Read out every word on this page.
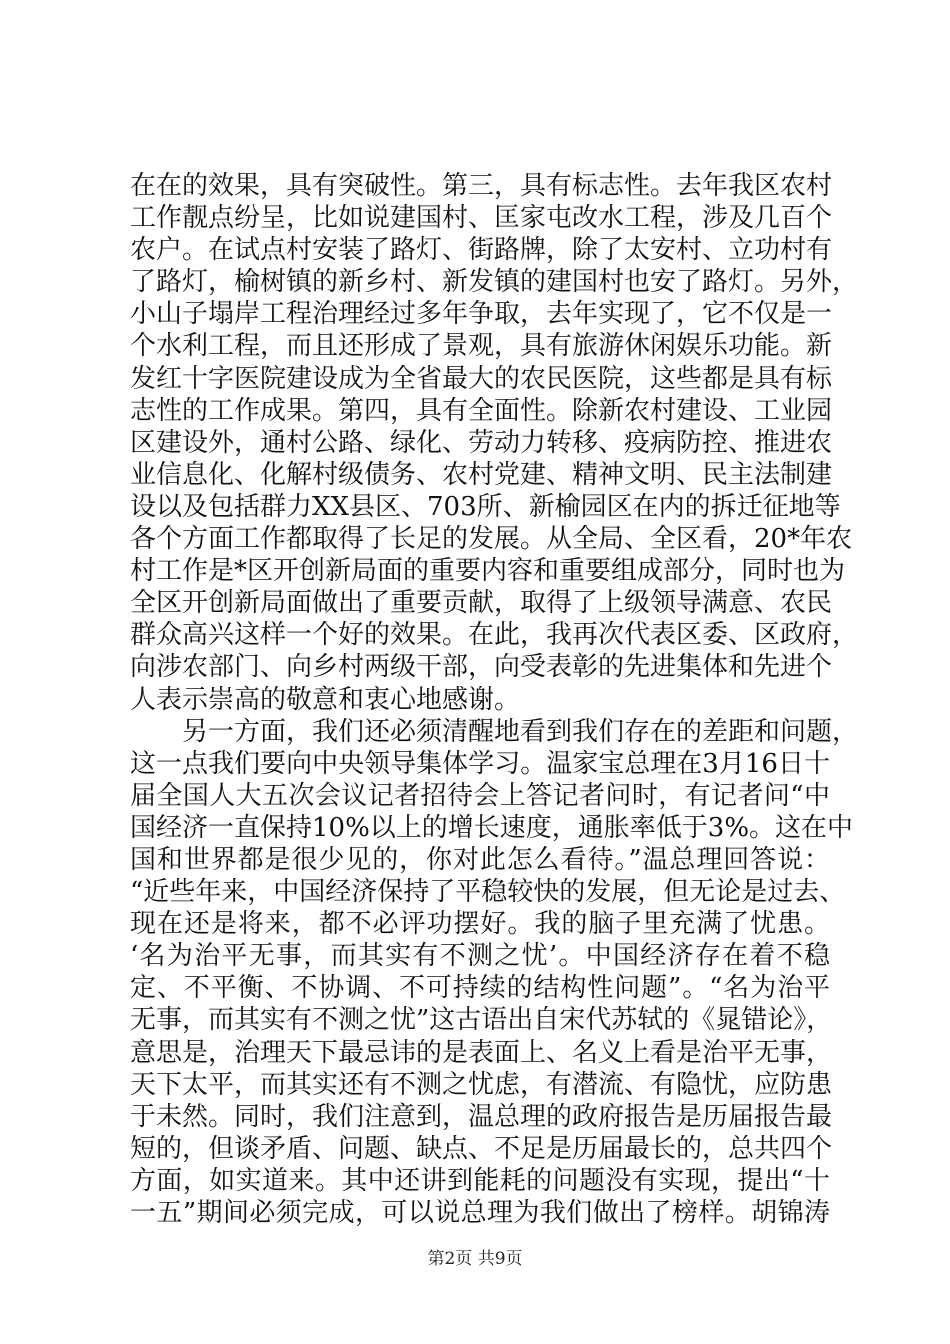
在在的效果，具有突破性。第三，具有标志性。去年我区农村
工作靓点纷呈，比如说建国村、匡家屯改水工程，涉及几百个
农户。在试点村安装了路灯、街路牌，除了太安村、立功村有
了路灯，榆树镇的新乡村、新发镇的建国村也安了路灯。另外，
小山子塌岸工程治理经过多年争取，去年实现了，它不仅是一
个水利工程，而且还形成了景观，具有旅游休闲娱乐功能。新
发红十字医院建设成为全省最大的农民医院，这些都是具有标
志性的工作成果。第四，具有全面性。除新农村建设、工业园
区建设外，通村公路、绿化、劳动力转移、疫病防控、推进农
业信息化、化解村级债务、农村党建、精神文明、民主法制建
设以及包括群力XX县区、703所、新榆园区在内的拆迁征地等
各个方面工作都取得了长足的发展。从全局、全区看，20*年农
村工作是*区开创新局面的重要内容和重要组成部分，同时也为
全区开创新局面做出了重要贡献，取得了上级领导满意、农民
群众高兴这样一个好的效果。在此，我再次代表区委、区政府，
向涉农部门、向乡村两级干部，向受表彰的先进集体和先进个
人表示崇高的敬意和衷心地感谢。
　　另一方面，我们还必须清醒地看到我们存在的差距和问题，
这一点我们要向中央领导集体学习。温家宝总理在3月16日十
届全国人大五次会议记者招待会上答记者问时，有记者问“中
国经济一直保持10%以上的增长速度，通胀率低于3%。这在中
国和世界都是很少见的，你对此怎么看待。”温总理回答说：
“近些年来，中国经济保持了平稳较快的发展，但无论是过去、
现在还是将来，都不必评功摆好。我的脑子里充满了忧患。
‘名为治平无事，而其实有不测之忧’。中国经济存在着不稳
定、不平衡、不协调、不可持续的结构性问题”。“名为治平
无事，而其实有不测之忧”这古语出自宋代苏轼的《晁错论》，
意思是，治理天下最忌讳的是表面上、名义上看是治平无事，
天下太平，而其实还有不测之忧虑，有潜流、有隐忧，应防患
于未然。同时，我们注意到，温总理的政府报告是历届报告最
短的，但谈矛盾、问题、缺点、不足是历届最长的，总共四个
方面，如实道来。其中还讲到能耗的问题没有实现，提出“十
一五”期间必须完成，可以说总理为我们做出了榜样。胡锦涛
第2页 共9页
